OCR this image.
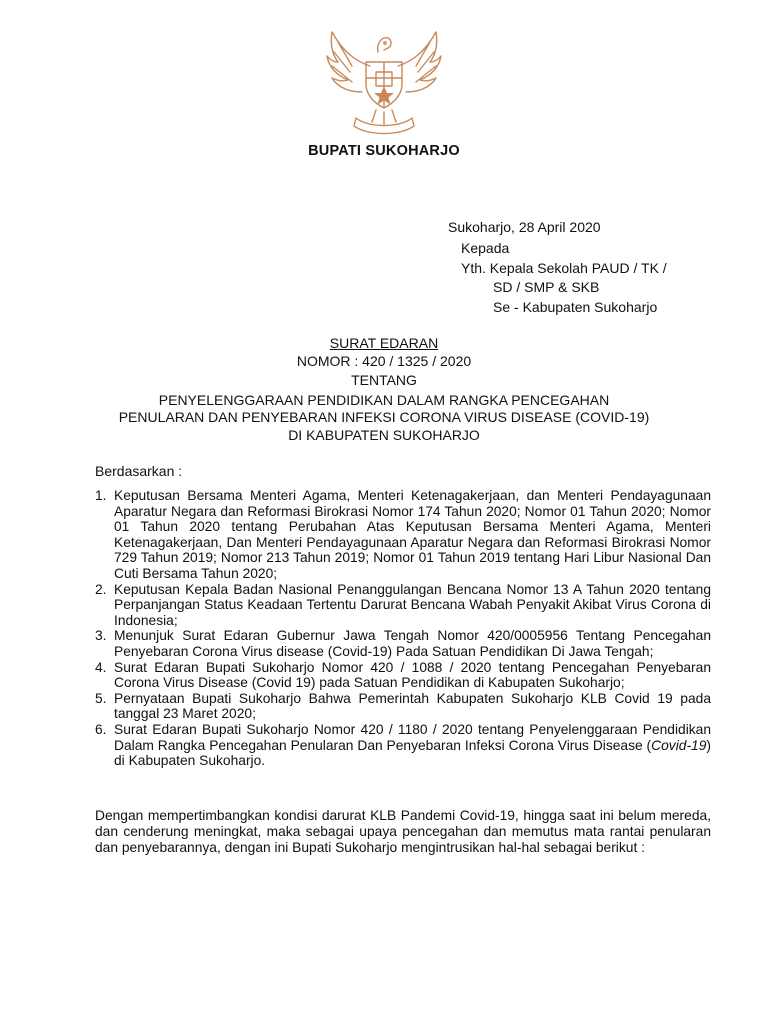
BUPATI SUKOHARJO
Sukoharjo, 28 April 2020
Kepada
Yth. Kepala Sekolah PAUD / TK /
SD / SMP & SKB
Se - Kabupaten Sukoharjo
SURAT EDARAN
NOMOR : 420 / 1325 / 2020
TENTANG
PENYELENGGARAAN PENDIDIKAN DALAM RANGKA PENCEGAHAN
PENULARAN DAN PENYEBARAN INFEKSI CORONA VIRUS DISEASE (COVID-19)
DI KABUPATEN SUKOHARJO
Berdasarkan :
1. Keputusan Bersama Menteri Agama, Menteri Ketenagakerjaan, dan Menteri Pendayagunaan Aparatur Negara dan Reformasi Birokrasi Nomor 174 Tahun 2020; Nomor 01 Tahun 2020; Nomor 01 Tahun 2020 tentang Perubahan Atas Keputusan Bersama Menteri Agama, Menteri Ketenagakerjaan, Dan Menteri Pendayagunaan Aparatur Negara dan Reformasi Birokrasi Nomor 729 Tahun 2019; Nomor 213 Tahun 2019; Nomor 01 Tahun 2019 tentang Hari Libur Nasional Dan Cuti Bersama Tahun 2020;
2. Keputusan Kepala Badan Nasional Penanggulangan Bencana Nomor 13 A Tahun 2020 tentang Perpanjangan Status Keadaan Tertentu Darurat Bencana Wabah Penyakit Akibat Virus Corona di Indonesia;
3. Menunjuk Surat Edaran Gubernur Jawa Tengah Nomor 420/0005956 Tentang Pencegahan Penyebaran Corona Virus disease (Covid-19) Pada Satuan Pendidikan Di Jawa Tengah;
4. Surat Edaran Bupati Sukoharjo Nomor 420 / 1088 / 2020 tentang Pencegahan Penyebaran Corona Virus Disease (Covid 19) pada Satuan Pendidikan di Kabupaten Sukoharjo;
5. Pernyataan Bupati Sukoharjo Bahwa Pemerintah Kabupaten Sukoharjo KLB Covid 19 pada tanggal 23 Maret 2020;
6. Surat Edaran Bupati Sukoharjo Nomor 420 / 1180 / 2020 tentang Penyelenggaraan Pendidikan Dalam Rangka Pencegahan Penularan Dan Penyebaran Infeksi Corona Virus Disease (Covid-19) di Kabupaten Sukoharjo.
Dengan mempertimbangkan kondisi darurat KLB Pandemi Covid-19, hingga saat ini belum mereda, dan cenderung meningkat, maka sebagai upaya pencegahan dan memutus mata rantai penularan dan penyebarannya, dengan ini Bupati Sukoharjo mengintrusikan hal-hal sebagai berikut :
